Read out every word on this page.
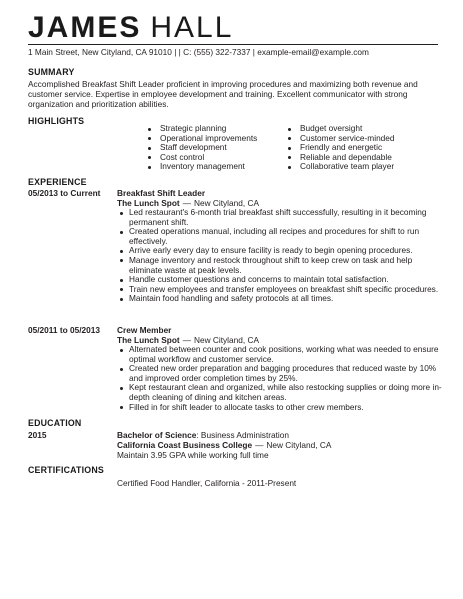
JAMES HALL
1 Main Street, New Cityland, CA 91010 | | C: (555) 322-7337 | example-email@example.com
SUMMARY
Accomplished Breakfast Shift Leader proficient in improving procedures and maximizing both revenue and customer service. Expertise in employee development and training. Excellent communicator with strong organization and prioritization abilities.
HIGHLIGHTS
Strategic planning
Operational improvements
Staff development
Cost control
Inventory management
Budget oversight
Customer service-minded
Friendly and energetic
Reliable and dependable
Collaborative team player
EXPERIENCE
05/2013 to Current Breakfast Shift Leader
The Lunch Spot — New Cityland, CA
Led restaurant's 6-month trial breakfast shift successfully, resulting in it becoming permanent shift.
Created operations manual, including all recipes and procedures for shift to run effectively.
Arrive early every day to ensure facility is ready to begin opening procedures.
Manage inventory and restock throughout shift to keep crew on task and help eliminate waste at peak levels.
Handle customer questions and concerns to maintain total satisfaction.
Train new employees and transfer employees on breakfast shift specific procedures.
Maintain food handling and safety protocols at all times.
05/2011 to 05/2013 Crew Member
The Lunch Spot — New Cityland, CA
Alternated between counter and cook positions, working what was needed to ensure optimal workflow and customer service.
Created new order preparation and bagging procedures that reduced waste by 10% and improved order completion times by 25%.
Kept restaurant clean and organized, while also restocking supplies or doing more in-depth cleaning of dining and kitchen areas.
Filled in for shift leader to allocate tasks to other crew members.
EDUCATION
2015	Bachelor of Science: Business Administration
California Coast Business College — New Cityland, CA
Maintain 3.95 GPA while working full time
CERTIFICATIONS
Certified Food Handler, California - 2011-Present
